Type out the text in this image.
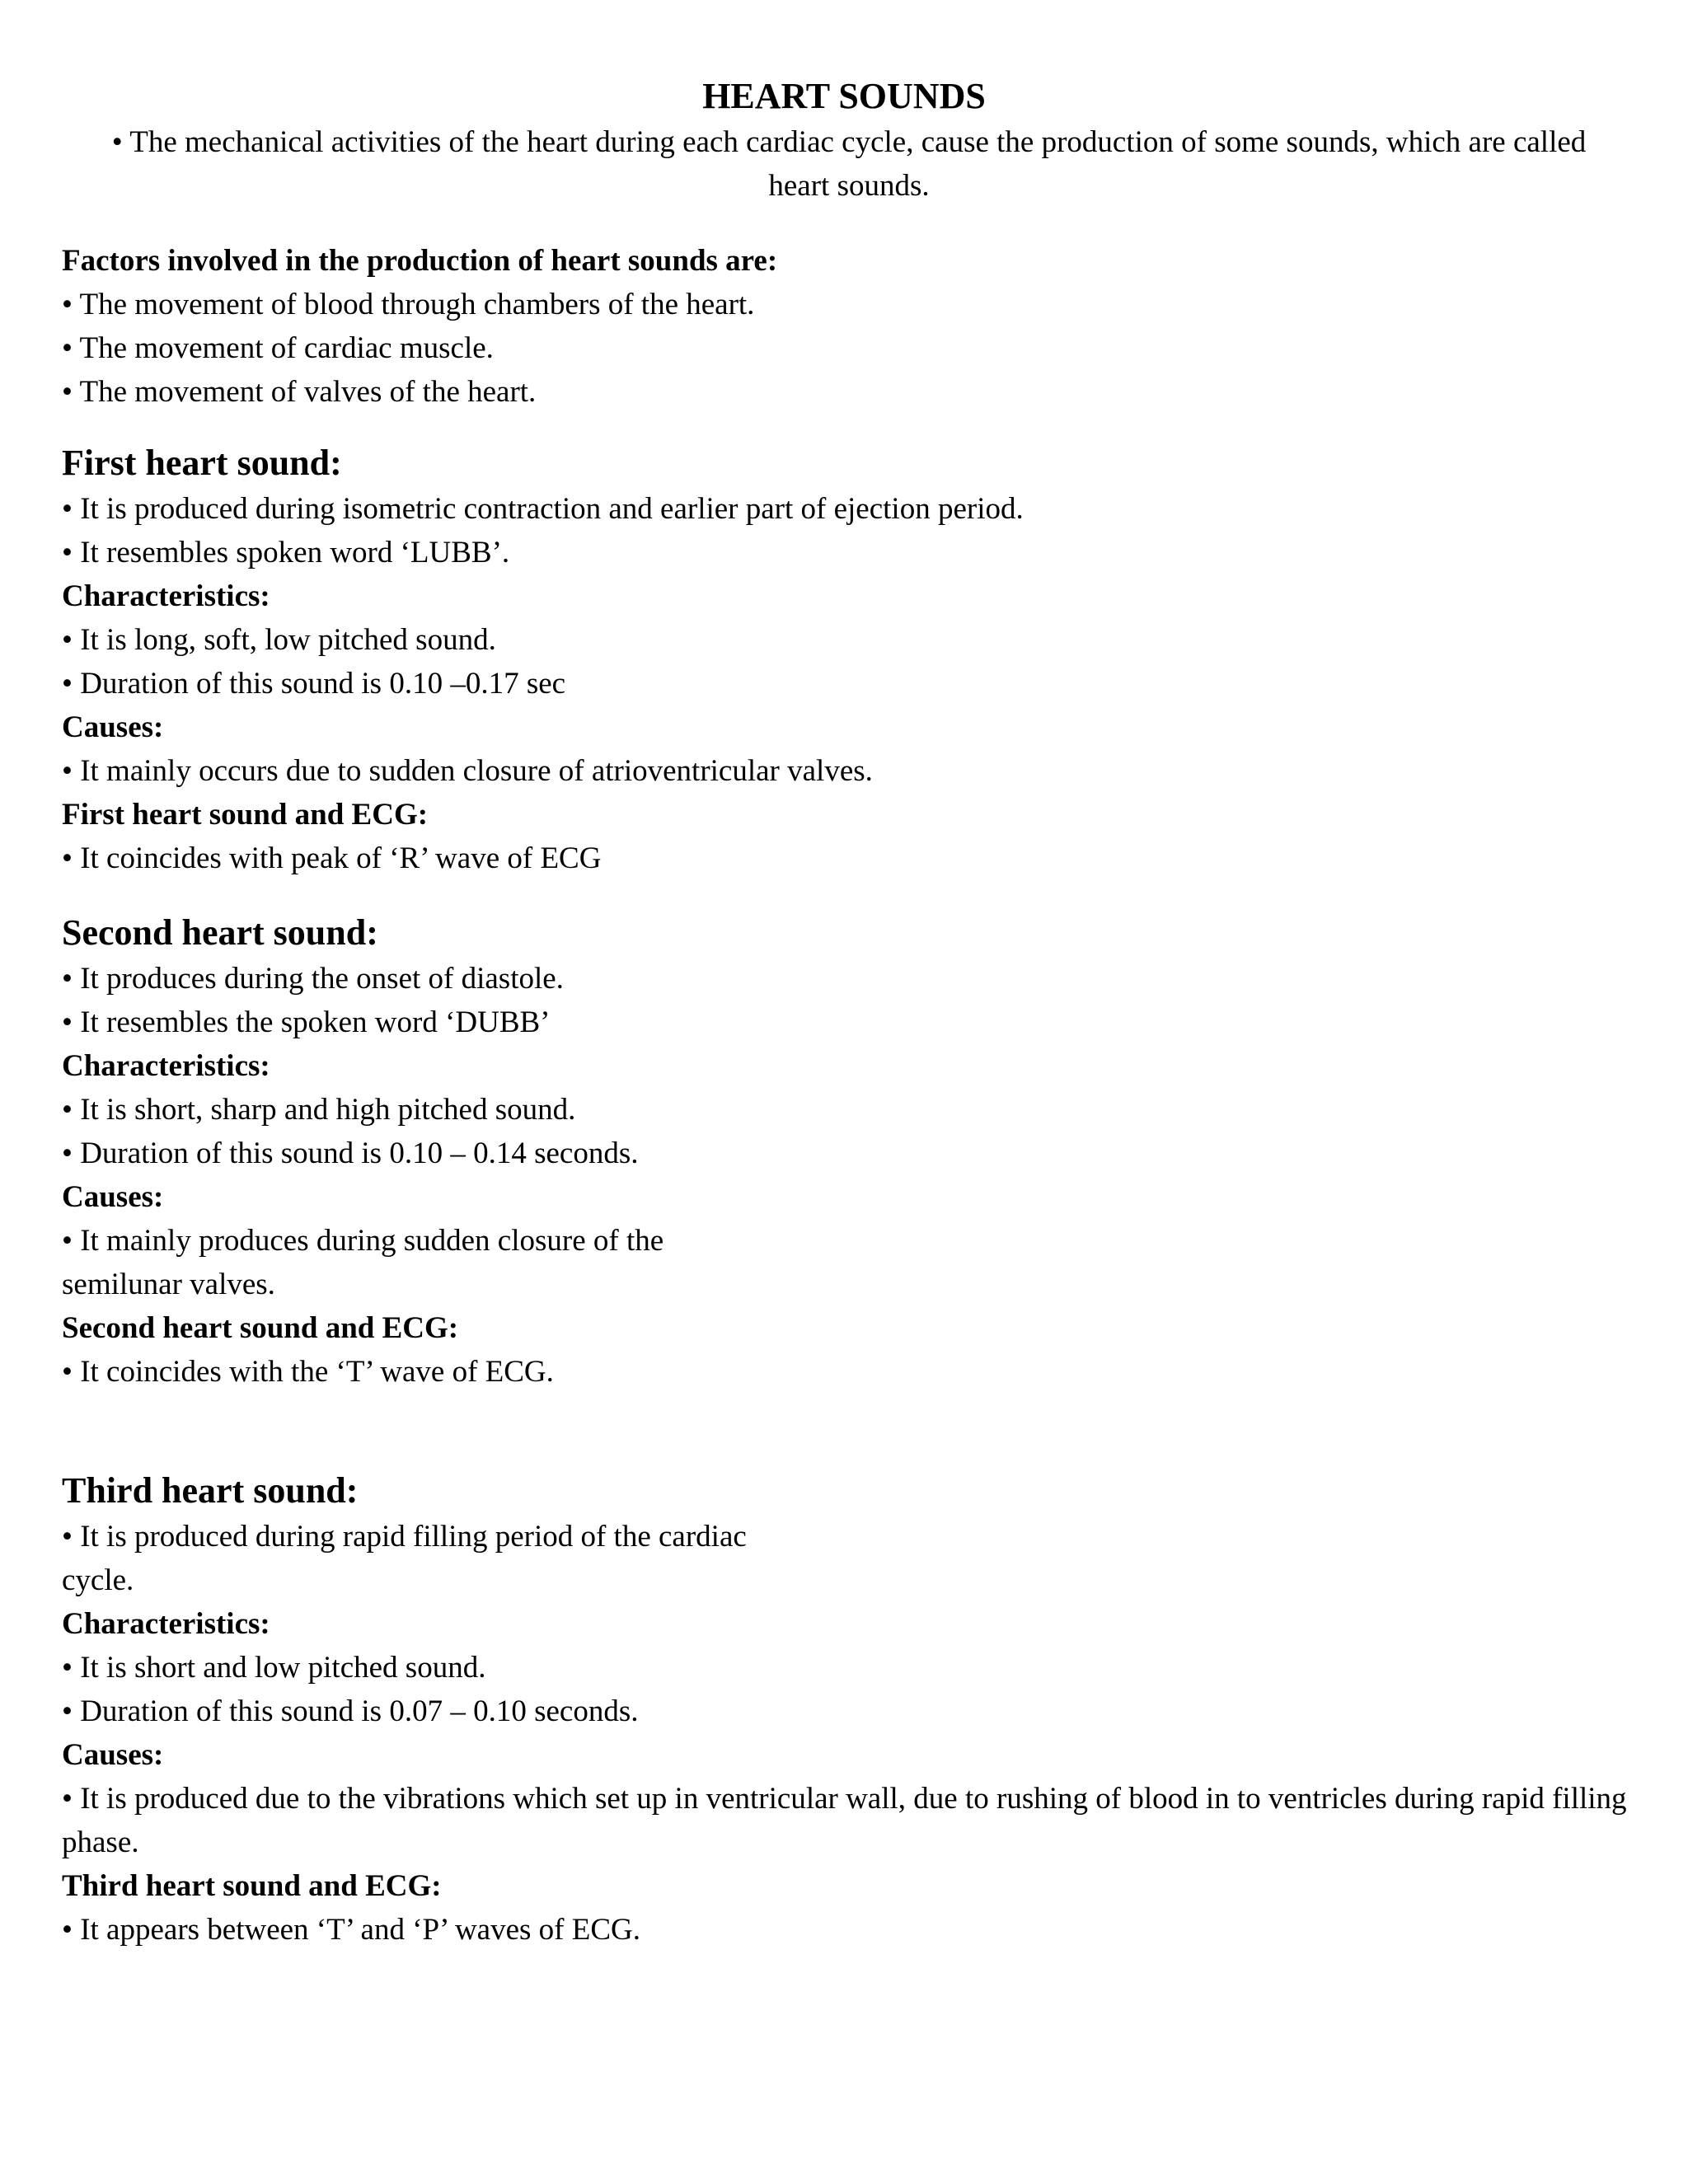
HEART SOUNDS

• The mechanical activities of the heart during each cardiac cycle, cause the production of some sounds, which are called heart sounds.

Factors involved in the production of heart sounds are:

• The movement of blood through chambers of the heart.

• The movement of cardiac muscle.

• The movement of valves of the heart.

First heart sound:

• It is produced during isometric contraction and earlier part of ejection period.

• It resembles spoken word ‘LUBB’.

Characteristics:

• It is long, soft, low pitched sound.

• Duration of this sound is 0.10 –0.17 sec

Causes:

• It mainly occurs due to sudden closure of atrioventricular valves.

First heart sound and ECG:

• It coincides with peak of ‘R’ wave of ECG

Second heart sound:

• It produces during the onset of diastole.

• It resembles the spoken word ‘DUBB’

Characteristics:

• It is short, sharp and high pitched sound.

• Duration of this sound is 0.10 – 0.14 seconds.

Causes:

• It mainly produces during sudden closure of the semilunar valves.

Second heart sound and ECG:

• It coincides with the ‘T’ wave of ECG.

Third heart sound:

• It is produced during rapid filling period of the cardiac cycle.

Characteristics:

• It is short and low pitched sound.

• Duration of this sound is 0.07 – 0.10 seconds.

Causes:

• It is produced due to the vibrations which set up in ventricular wall, due to rushing of blood in to ventricles during rapid filling phase.

Third heart sound and ECG:

• It appears between ‘T’ and ‘P’ waves of ECG.
